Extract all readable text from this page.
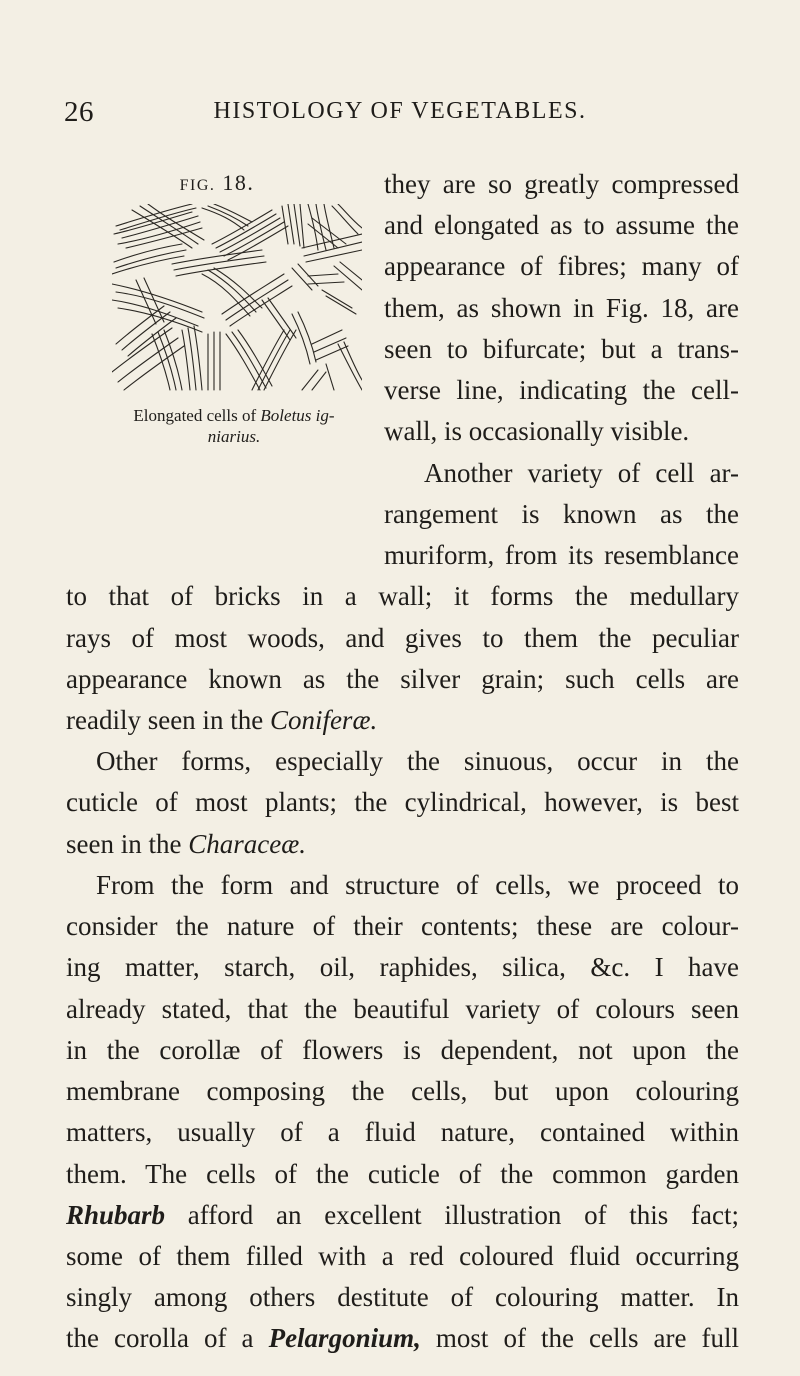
26	HISTOLOGY OF VEGETABLES.
FIG. 18.
Elongated cells of Boletus ig-
niarius.
they are so greatly compressed
and elongated as to assume the
appearance of fibres; many of
them, as shown in Fig. 18, are
seen to bifurcate; but a trans-
verse line, indicating the cell-
wall, is occasionally visible.
Another variety of cell ar-
rangement is known as the
muriform, from its resemblance
to that of bricks in a wall; it forms the medullary
rays of most woods, and gives to them the peculiar
appearance known as the silver grain; such cells are
readily seen in the Coniferæ.
Other forms, especially the sinuous, occur in the
cuticle of most plants; the cylindrical, however, is best
seen in the Characeæ.
From the form and structure of cells, we proceed to
consider the nature of their contents; these are colour-
ing matter, starch, oil, raphides, silica, &c. I have
already stated, that the beautiful variety of colours seen
in the corollæ of flowers is dependent, not upon the
membrane composing the cells, but upon colouring
matters, usually of a fluid nature, contained within
them. The cells of the cuticle of the common garden
Rhubarb afford an excellent illustration of this fact;
some of them filled with a red coloured fluid occurring
singly among others destitute of colouring matter. In
the corolla of a Pelargonium, most of the cells are full
